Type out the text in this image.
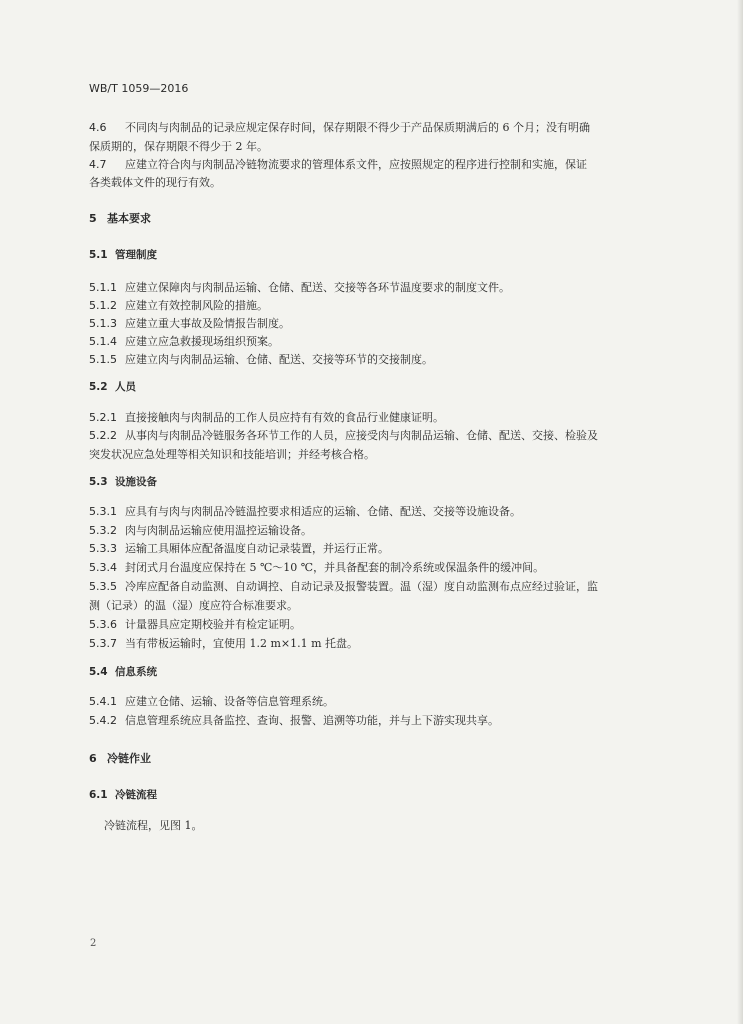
WB/T 1059—2016
4.6 不同肉与肉制品的记录应规定保存时间，保存期限不得少于产品保质期满后的 6 个月；没有明确
保质期的，保存期限不得少于 2 年。
4.7 应建立符合肉与肉制品冷链物流要求的管理体系文件，应按照规定的程序进行控制和实施，保证
各类载体文件的现行有效。
5 基本要求
5.1 管理制度
5.1.1 应建立保障肉与肉制品运输、仓储、配送、交接等各环节温度要求的制度文件。
5.1.2 应建立有效控制风险的措施。
5.1.3 应建立重大事故及险情报告制度。
5.1.4 应建立应急救援现场组织预案。
5.1.5 应建立肉与肉制品运输、仓储、配送、交接等环节的交接制度。
5.2 人员
5.2.1 直接接触肉与肉制品的工作人员应持有有效的食品行业健康证明。
5.2.2 从事肉与肉制品冷链服务各环节工作的人员，应接受肉与肉制品运输、仓储、配送、交接、检验及
突发状况应急处理等相关知识和技能培训；并经考核合格。
5.3 设施设备
5.3.1 应具有与肉与肉制品冷链温控要求相适应的运输、仓储、配送、交接等设施设备。
5.3.2 肉与肉制品运输应使用温控运输设备。
5.3.3 运输工具厢体应配备温度自动记录装置，并运行正常。
5.3.4 封闭式月台温度应保持在 5 ℃～10 ℃，并具备配套的制冷系统或保温条件的缓冲间。
5.3.5 冷库应配备自动监测、自动调控、自动记录及报警装置。温（湿）度自动监测布点应经过验证，监
测（记录）的温（湿）度应符合标准要求。
5.3.6 计量器具应定期校验并有检定证明。
5.3.7 当有带板运输时，宜使用 1.2 m×1.1 m 托盘。
5.4 信息系统
5.4.1 应建立仓储、运输、设备等信息管理系统。
5.4.2 信息管理系统应具备监控、查询、报警、追溯等功能，并与上下游实现共享。
6 冷链作业
6.1 冷链流程
冷链流程，见图 1。
2
